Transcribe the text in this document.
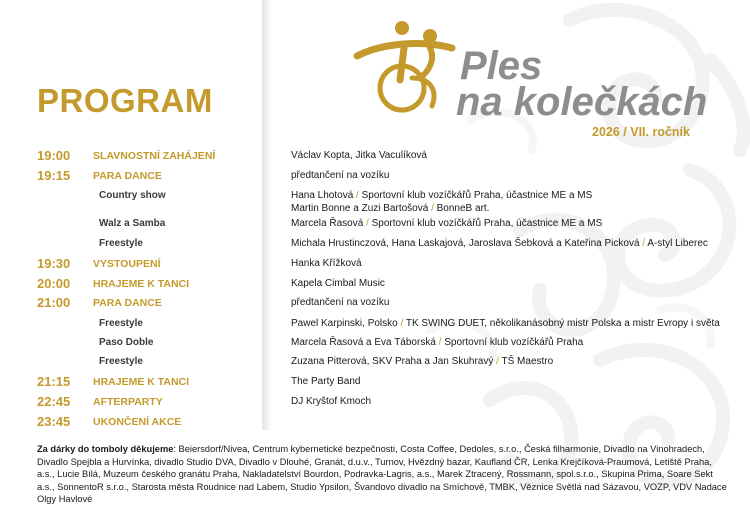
PROGRAM
Ples
na kolečkách
2026 / VII. ročník
19:00 SLAVNOSTNÍ ZAHÁJENÍ	Václav Kopta, Jitka Vaculíková
19:15 PARA DANCE	předtančení na vozíku
Country show	Hana Lhotová / Sportovní klub vozíčkářů Praha, účastnice ME a MS
Martin Bonne a Zuzi Bartošová / BonneB art.
Walz a Samba	Marcela Řasová / Sportovní klub vozíčkářů Praha, účastnice ME a MS
Freestyle	Michala Hrustinczová, Hana Laskajová, Jaroslava Šebková a Kateřina Picková / A-styl Liberec
19:30 VYSTOUPENÍ	Hanka Křížková
20:00 HRAJEME K TANCI	Kapela Cimbal Music
21:00 PARA DANCE	předtančení na vozíku
Freestyle	Pawel Karpinski, Polsko / TK SWING DUET, několikanásobný mistr Polska a mistr Evropy i světa
Paso Doble	Marcela Řasová a Eva Táborská / Sportovní klub vozíčkářů Praha
Freestyle	Zuzana Pitterová, SKV Praha a Jan Skuhravý / TŠ Maestro
21:15 HRAJEME K TANCI	The Party Band
22:45 AFTERPARTY	DJ Kryštof Kmoch
23:45 UKONČENÍ AKCE
Za dárky do tomboly děkujeme: Beiersdorf/Nivea, Centrum kybernetické bezpečnosti, Costa Coffee, Dedoles, s.r.o., Česká filharmonie, Divadlo na Vinohradech, Divadlo Spejbla a Hurvínka, divadlo Studio DVA, Divadlo v Dlouhé, Granát, d.u.v., Turnov, Hvězdný bazar, Kaufland ČR, Lenka Krejčíková-Praumová, Letiště Praha, a.s., Lucie Bílá, Muzeum českého granátu Praha, Nakladatelství Bourdon, Podravka-Lagris, a.s., Marek Ztracený, Rossmann, spol.s.r.o., Skupina Prima, Soare Sekt a.s., SonnentoR s.r.o., Starosta města Roudnice nad Labem, Studio Ypsilon, Švandovo divadlo na Smíchově, TMBK, Věznice Světlá nad Sázavou, VOZP, VDV Nadace Olgy Havlové
